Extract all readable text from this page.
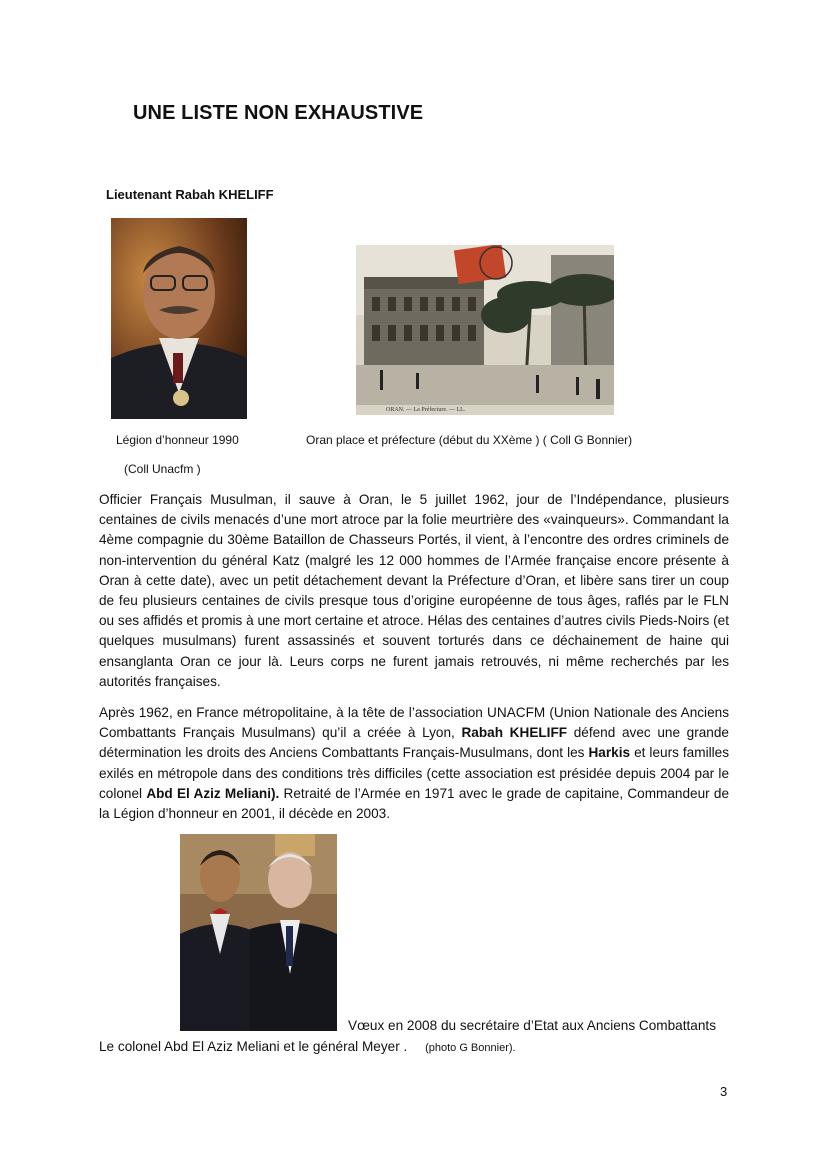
UNE LISTE NON EXHAUSTIVE
Lieutenant Rabah KHELIFF
ORAN. — La Préfecture. — LL.
Légion d’honneur 1990	Oran place et préfecture (début du XXème ) ( Coll G Bonnier)
(Coll Unacfm )
Officier Français Musulman, il sauve à Oran, le 5 juillet 1962, jour de l’Indépendance, plusieurs centaines de civils menacés d’une mort atroce par la folie meurtrière des «vainqueurs». Commandant la 4ème compagnie du 30ème Bataillon de Chasseurs Portés, il vient, à l’encontre des ordres criminels de non-intervention du général Katz (malgré les 12 000 hommes de l’Armée française encore présente à Oran à cette date), avec un petit détachement devant la Préfecture d’Oran, et libère sans tirer un coup de feu plusieurs centaines de civils presque tous d’origine européenne de tous âges, raflés par le FLN ou ses affidés et promis à une mort certaine et atroce. Hélas des centaines d’autres civils Pieds-Noirs (et quelques musulmans) furent assassinés et souvent torturés dans ce déchainement de haine qui ensanglanta Oran ce jour là. Leurs corps ne furent jamais retrouvés, ni même recherchés par les autorités françaises.
Après 1962, en France métropolitaine, à la tête de l’association UNACFM (Union Nationale des Anciens Combattants Français Musulmans) qu’il a créée à Lyon, Rabah KHELIFF défend avec une grande détermination les droits des Anciens Combattants Français-Musulmans, dont les Harkis et leurs familles exilés en métropole dans des conditions très difficiles (cette association est présidée depuis 2004 par le colonel Abd El Aziz Meliani). Retraité de l’Armée en 1971 avec le grade de capitaine, Commandeur de la Légion d’honneur en 2001, il décède en 2003.
Vœux en 2008 du secrétaire d’Etat aux Anciens Combattants
Le colonel Abd El Aziz Meliani et le général Meyer . (photo G Bonnier).
3
